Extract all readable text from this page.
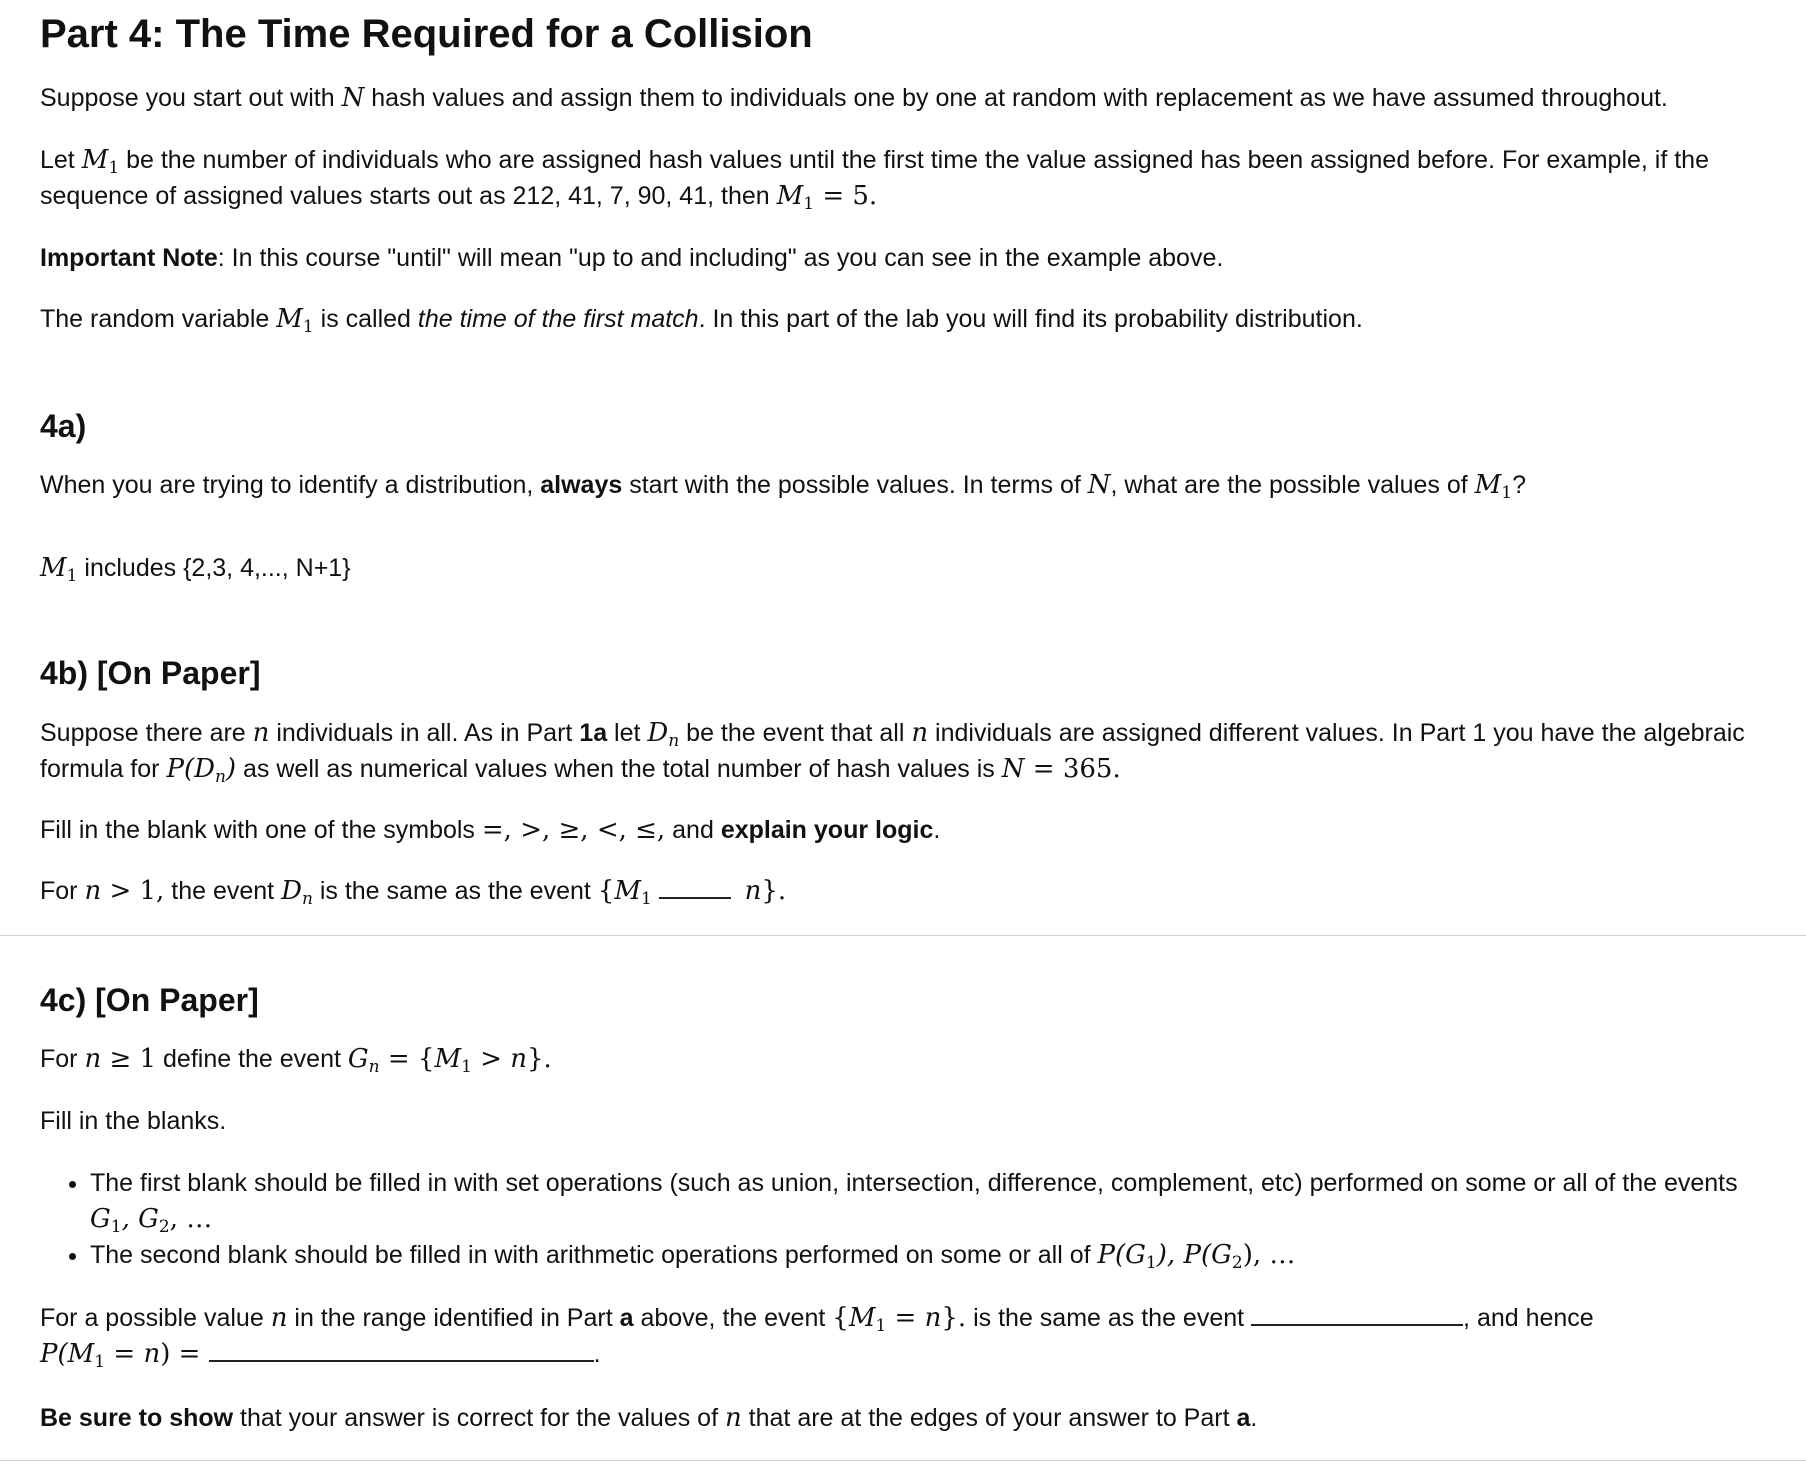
Part 4: The Time Required for a Collision

Suppose you start out with N hash values and assign them to individuals one by one at random with replacement as we have assumed throughout.

Let $M_1$ be the number of individuals who are assigned hash values until the first time the value assigned has been assigned before. For example, if the sequence of assigned values starts out as 212, 41, 7, 90, 41, then $M_1 = 5$.

Important Note: In this course "until" will mean "up to and including" as you can see in the example above.

The random variable $M_1$ is called the time of the first match. In this part of the lab you will find its probability distribution.

4a)

When you are trying to identify a distribution, always start with the possible values. In terms of N, what are the possible values of $M_1$?

$M_1$ includes {2,3, 4,..., N+1}

4b) [On Paper]

Suppose there are n individuals in all. As in Part 1a let $D_n$ be the event that all n individuals are assigned different values. In Part 1 you have the algebraic formula for $P(D_n)$ as well as numerical values when the total number of hash values is N = 365.

Fill in the blank with one of the symbols =, >, ≥, <, ≤, and explain your logic.

For n > 1, the event $D_n$ is the same as the event {$M_1$	n}.

4c) [On Paper]

For n ≥ 1 define the event $G_n = \{M_1 > n\}$.

Fill in the blanks.

• The first blank should be filled in with set operations (such as union, intersection, difference, complement, etc) performed on some or all of the events
$G_1$, $G_2$, …
• The second blank should be filled in with arithmetic operations performed on some or all of $P(G_1)$, $P(G_2)$, …

For a possible value n in the range identified in Part a above, the event $\{M_1 = n\}$. is the same as the event	, and hence
$P(M_1 = n)$ =	.

Be sure to show that your answer is correct for the values of n that are at the edges of your answer to Part a.
